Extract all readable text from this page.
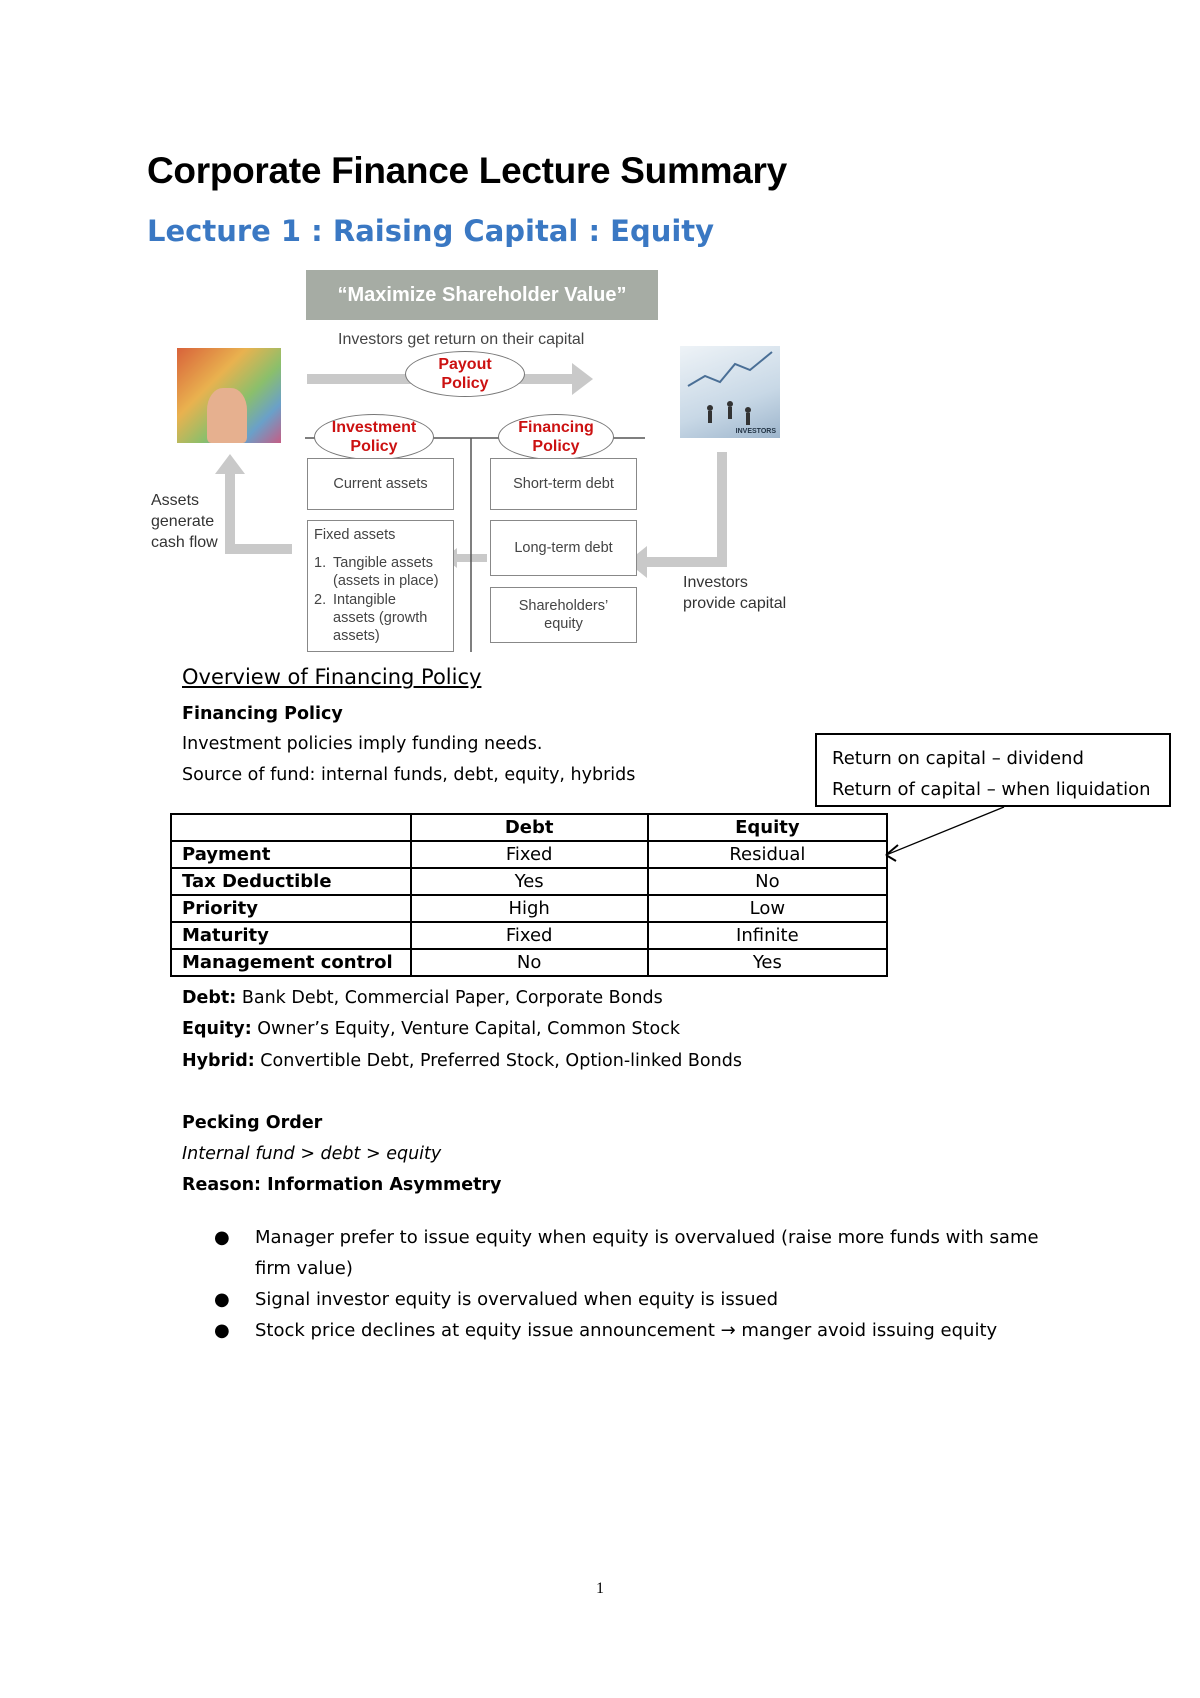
Corporate Finance Lecture Summary
Lecture 1 : Raising Capital : Equity
“Maximize Shareholder Value”
Investors get return on their capital
Payout
Policy
Investment
Policy
Financing
Policy
Current assets	Short-term debt
Long-term debt
Shareholders’
equity
Fixed assets
1. Tangible assets
(assets in place)
2. Intangible
assets (growth
assets)
Assets
generate
cash flow
Investors
provide capital
INVESTORS
Overview of Financing Policy
Financing Policy
Investment policies imply funding needs.
Source of fund: internal funds, debt, equity, hybrids
Return on capital – dividend
Return of capital – when liquidation
	Debt	Equity
Payment	Fixed	Residual
Tax Deductible	Yes	No
Priority	High	Low
Maturity	Fixed	Infinite
Management control	No	Yes
Debt: Bank Debt, Commercial Paper, Corporate Bonds
Equity: Owner’s Equity, Venture Capital, Common Stock
Hybrid: Convertible Debt, Preferred Stock, Option-linked Bonds
Pecking Order
Internal fund > debt > equity
Reason: Information Asymmetry
● Manager prefer to issue equity when equity is overvalued (raise more funds with same firm value)
● Signal investor equity is overvalued when equity is issued
● Stock price declines at equity issue announcement → manger avoid issuing equity
1
